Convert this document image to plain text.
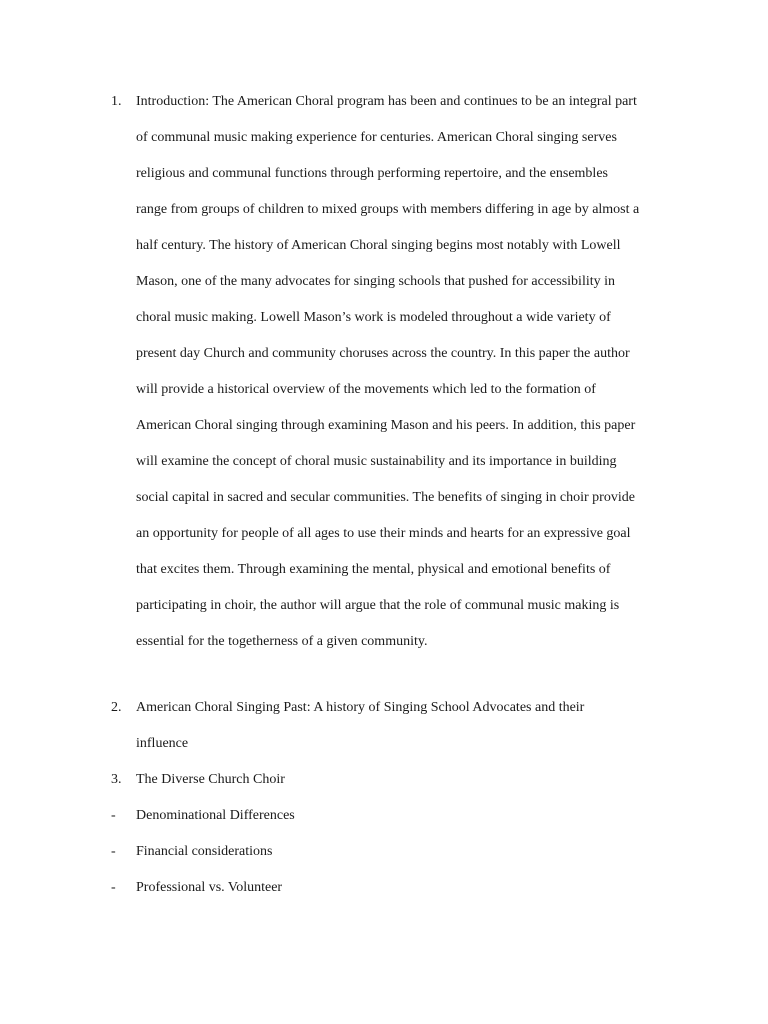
1.	Introduction: The American Choral program has been and continues to be an integral part
of communal music making experience for centuries. American Choral singing serves
religious and communal functions through performing repertoire, and the ensembles
range from groups of children to mixed groups with members differing in age by almost a
half century. The history of American Choral singing begins most notably with Lowell
Mason, one of the many advocates for singing schools that pushed for accessibility in
choral music making. Lowell Mason’s work is modeled throughout a wide variety of
present day Church and community choruses across the country. In this paper the author
will provide a historical overview of the movements which led to the formation of
American Choral singing through examining Mason and his peers. In addition, this paper
will examine the concept of choral music sustainability and its importance in building
social capital in sacred and secular communities. The benefits of singing in choir provide
an opportunity for people of all ages to use their minds and hearts for an expressive goal
that excites them. Through examining the mental, physical and emotional benefits of
participating in choir, the author will argue that the role of communal music making is
essential for the togetherness of a given community.
2.	American Choral Singing Past: A history of Singing School Advocates and their
influence
3.	The Diverse Church Choir
-	Denominational Differences
-	Financial considerations
-	Professional vs. Volunteer
